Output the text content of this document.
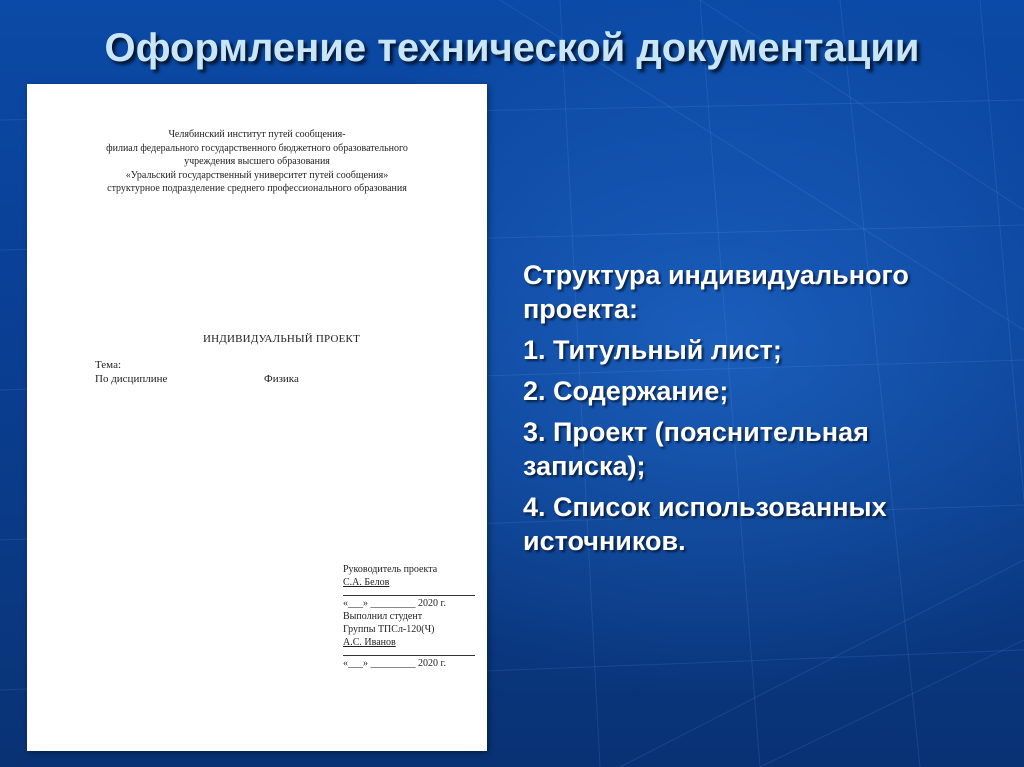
Оформление технической документации
Челябинский институт путей сообщения-
филиал федерального государственного бюджетного образовательного
учреждения высшего образования
«Уральский государственный университет путей сообщения»
структурное подразделение среднего профессионального образования
ИНДИВИДУАЛЬНЫЙ ПРОЕКТ
Тема:
По дисциплине	Физика
Руководитель проекта
С.А. Белов
«___» _________ 2020 г.
Выполнил студент
Группы ТПСл-120(Ч)
А.С. Иванов
«___» _________ 2020 г.
Структура индивидуального проекта:
1. Титульный лист;
2. Содержание;
3. Проект (пояснительная записка);
4. Список использованных источников.
